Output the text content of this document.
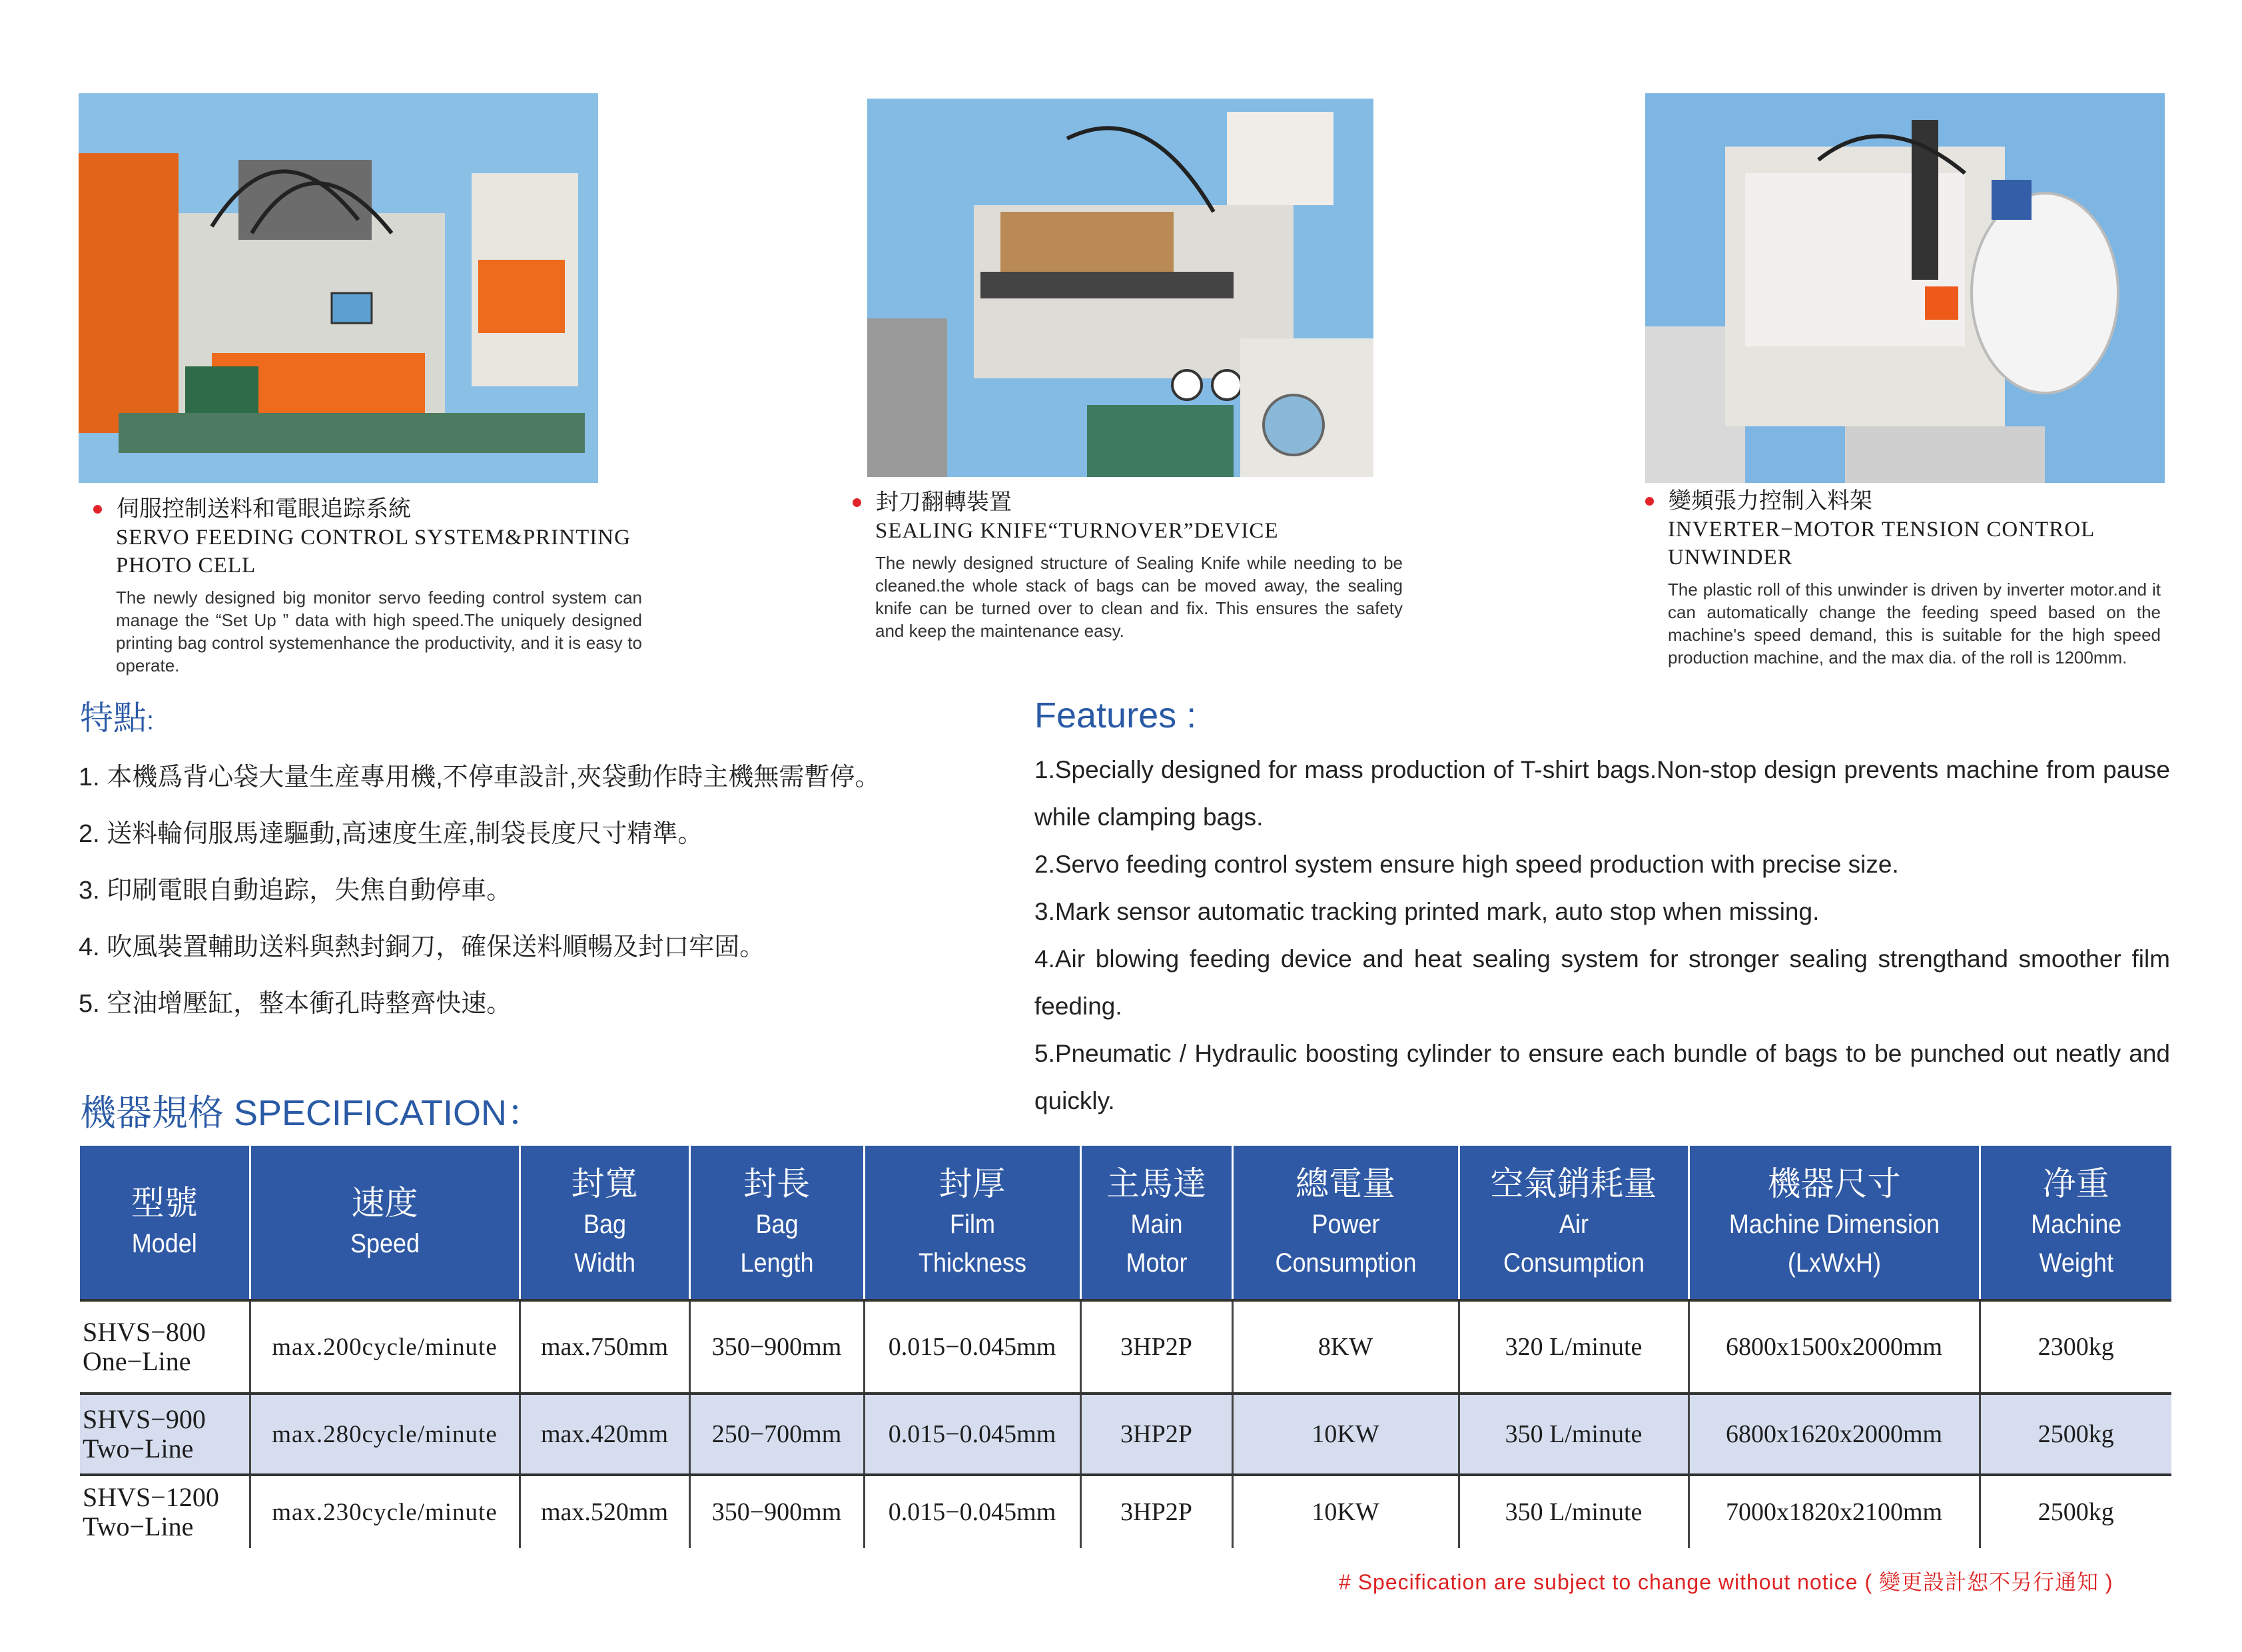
伺服控制送料和電眼追踪系統
SERVO FEEDING CONTROL SYSTEM&PRINTING PHOTO CELL
The newly designed big monitor servo feeding control system can manage the “Set Up ” data with high speed.The uniquely designed printing bag control systemenhance the productivity, and it is easy to operate.
封刀翻轉裝置
SEALING KNIFE“TURNOVER”DEVICE
The newly designed structure of Sealing Knife while needing to be cleaned.the whole stack of bags can be moved away, the sealing knife can be turned over to clean and fix. This ensures the safety and keep the maintenance easy.
變頻張力控制入料架
INVERTER−MOTOR TENSION CONTROL UNWINDER
The plastic roll of this unwinder is driven by inverter motor.and it can automatically change the feeding speed based on the machine's speed demand, this is suitable for the high speed production machine, and the max dia. of the roll is 1200mm.
特點:
1. 本機爲背心袋大量生産專用機,不停車設計,夾袋動作時主機無需暫停。
2. 送料輪伺服馬達驅動,高速度生産,制袋長度尺寸精準。
3. 印刷電眼自動追踪，失焦自動停車。
4. 吹風裝置輔助送料與熱封銅刀，確保送料順暢及封口牢固。
5. 空油增壓缸，整本衝孔時整齊快速。
Features :
1.Specially designed for mass production of T-shirt bags.Non-stop design prevents machine from pause while clamping bags.
2.Servo feeding control system ensure high speed production with precise size.
3.Mark sensor automatic tracking printed mark, auto stop when missing.
4.Air blowing feeding device and heat sealing system for stronger sealing strengthand smoother film feeding.
5.Pneumatic / Hydraulic boosting cylinder to ensure each bundle of bags to be punched out neatly and quickly.
機器規格 SPECIFICATION：
型號
Model	速度
Speed	封寬
Bag
Width	封長
Bag
Length	封厚
Film
Thickness	主馬達
Main
Motor	總電量
Power
Consumption	空氣銷耗量
Air
Consumption	機器尺寸
Machine Dimension
(LxWxH)	净重
Machine
Weight

SHVS−800
One−Line	max.200cycle/minute	max.750mm	350−900mm	0.015−0.045mm	3HP2P	8KW	320 L/minute	6800x1500x2000mm	2300kg

SHVS−900
Two−Line	max.280cycle/minute	max.420mm	250−700mm	0.015−0.045mm	3HP2P	10KW	350 L/minute	6800x1620x2000mm	2500kg

SHVS−1200
Two−Line	max.230cycle/minute	max.520mm	350−900mm	0.015−0.045mm	3HP2P	10KW	350 L/minute	7000x1820x2100mm	2500kg
# Specification are subject to change without notice ( 變更設計恕不另行通知 )
